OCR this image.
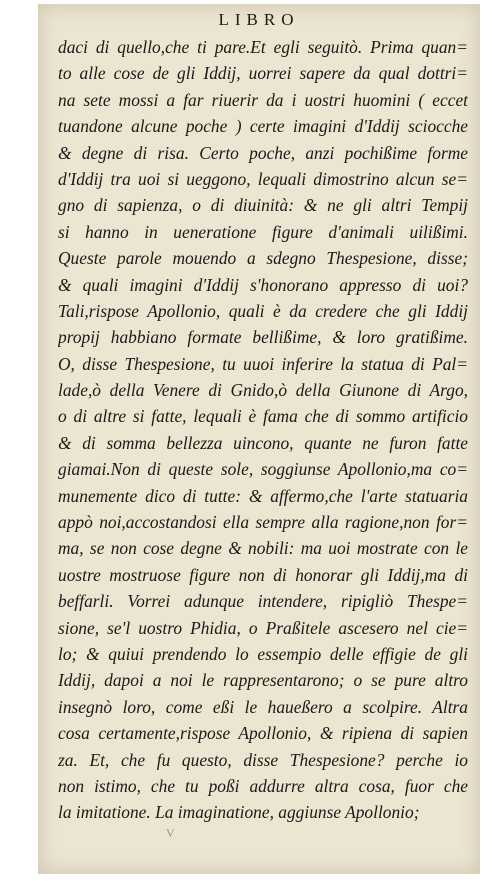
LIBRO
daci di quello,che ti pare.Et egli seguitò. Prima quan=
to alle cose de gli Iddij, uorrei sapere da qual dottri=
na sete mossi a far riuerir da i uostri huomini ( eccet
tuandone alcune poche ) certe imagini d'Iddij sciocche
& degne di risa. Certo poche, anzi pochißime forme
d'Iddij tra uoi si ueggono, lequali dimostrino alcun se=
gno di sapienza, o di diuinità: & ne gli altri Tempij
si hanno in ueneratione figure d'animali uilißimi.
Queste parole mouendo a sdegno Thespesione, disse;
& quali imagini d'Iddij s'honorano appresso di uoi?
Tali,rispose Apollonio, quali è da credere che gli Iddij
propij habbiano formate bellißime, & loro gratißime.
O, disse Thespesione, tu uuoi inferire la statua di Pal=
lade,ò della Venere di Gnido,ò della Giunone di Argo,
o di altre si fatte, lequali è fama che di sommo artificio
& di somma bellezza uincono, quante ne furon fatte
giamai.Non di queste sole, soggiunse Apollonio,ma co=
munemente dico di tutte: & affermo,che l'arte statuaria
appò noi,accostandosi ella sempre alla ragione,non for=
ma, se non cose degne & nobili: ma uoi mostrate con le
uostre mostruose figure non di honorar gli Iddij,ma di
beffarli. Vorrei adunque intendere, ripigliò Thespe=
sione, se'l uostro Phidia, o Praßitele ascesero nel cie=
lo; & quiui prendendo lo essempio delle effigie de gli
Iddij, dapoi a noi le rappresentarono; o se pure altro
insegnò loro, come eßi le haueßero a scolpire. Altra
cosa certamente,rispose Apollonio, & ripiena di sapien
za. Et, che fu questo, disse Thespesione? perche io
non istimo, che tu poßi addurre altra cosa, fuor che
la imitatione. La imaginatione, aggiunse Apollonio;
V
